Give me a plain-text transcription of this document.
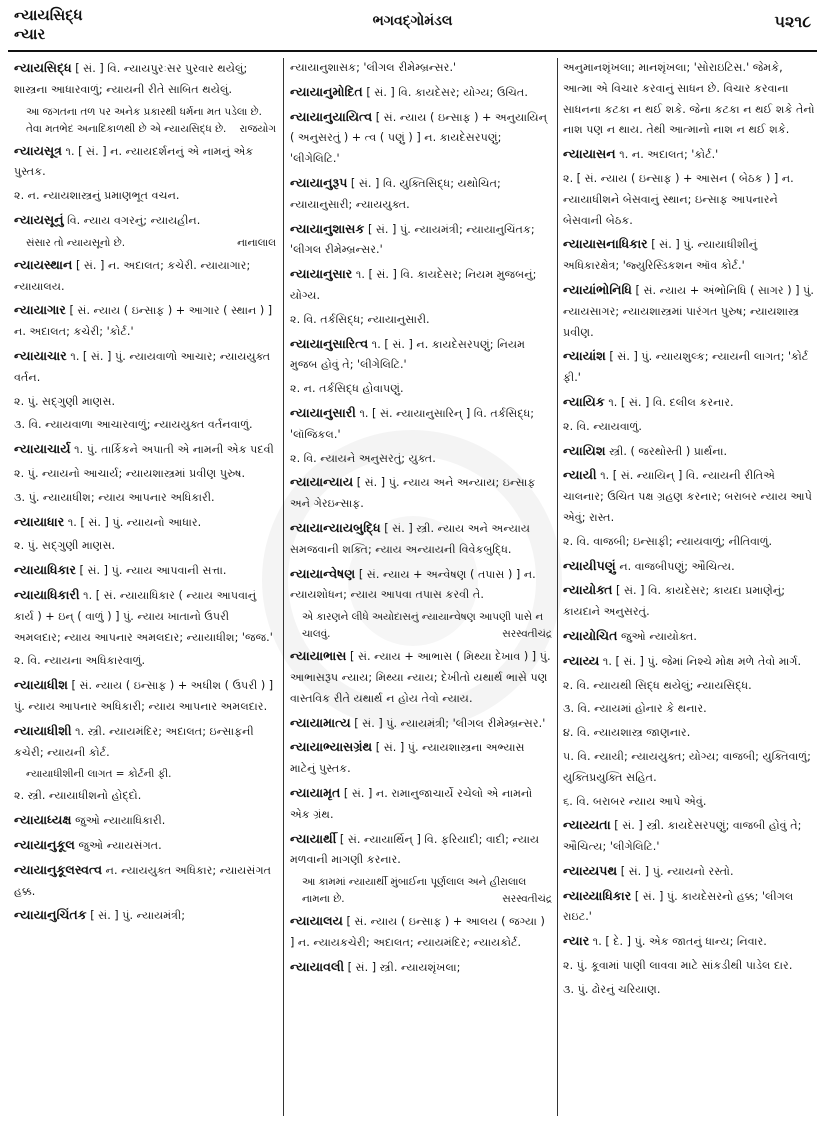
ન્યાયસિદ્ધ
ન્યાર
ભગવદ્ગોમંડલ	૫૨૧૮
ન્યાયસિદ્ધ [ સં. ] વિ. ન્યાયપુરઃસર પુરવાર થયેલું; શાસ્ત્રના આધારવાળું; ન્યાયની રીતે સાબિત થયેલું.
આ જગતના તળ પર અનેક પ્રકારથી ધર્મના મત પડેલા છે. તેવા મતભેદ અનાદિકાળથી છે એ ન્યાયસિદ્ધ છે. રાજયોગ
ન્યાયસૂત્ર ૧. [ સં. ] ન. ન્યાયદર્શનનું એ નામનું એક પુસ્તક.
૨. ન. ન્યાયશાસ્ત્રનું પ્રમાણભૂત વચન.
ન્યાયસૂનું વિ. ન્યાય વગરનું; ન્યાયહીન.
સંસાર તો ન્યાયસૂનો છે.	નાનાલાલ
ન્યાયસ્થાન [ સં. ] ન. અદાલત; કચેરી. ન્યાયાગાર; ન્યાયાલય.
ન્યાયાગાર [ સં. ન્યાય ( ઇન્સાફ ) + આગાર ( સ્થાન ) ] ન. અદાલત; કચેરી; 'કોર્ટ.'
ન્યાયાચાર ૧. [ સં. ] પું. ન્યાયવાળો આચાર; ન્યાયયુક્ત વર્તન.
૨. પું. સદ્ગુણી માણસ.
૩. વિ. ન્યાયવાળા આચારવાળું; ન્યાયયુક્ત વર્તનવાળું.
ન્યાયાચાર્ય ૧. પું. તાર્કિકને અપાતી એ નામની એક પદવી
૨. પું. ન્યાયનો આચાર્ય; ન્યાયશાસ્ત્રમાં પ્રવીણ પુરુષ.
૩. પું. ન્યાયાધીશ; ન્યાય આપનાર અધિકારી.
ન્યાયાધાર ૧. [ સં. ] પું. ન્યાયનો આધાર.
૨. પું. સદ્ગુણી માણસ.
ન્યાયાધિકાર [ સં. ] પું. ન્યાય આપવાની સત્તા.
ન્યાયાધિકારી ૧. [ સં. ન્યાયાધિકાર ( ન્યાય આપવાનું કાર્ય ) + ઇન્ ( વાળું ) ] પું. ન્યાય ખાતાનો ઉપરી અમલદાર; ન્યાય આપનાર અમલદાર; ન્યાયાધીશ; 'જજ.'
૨. વિ. ન્યાયના અધિકારવાળું.
ન્યાયાધીશ [ સં. ન્યાય ( ઇન્સાફ ) + અધીશ ( ઉપરી ) ] પું. ન્યાય આપનાર અધિકારી; ન્યાય આપનાર અમલદાર.
ન્યાયાધીશી ૧. સ્ત્રી. ન્યાયમંદિર; અદાલત; ઇન્સાફની કચેરી; ન્યાયની કોર્ટ.
ન્યાયાધીશીની લાગત = કોર્ટની ફી.
૨. સ્ત્રી. ન્યાયાધીશનો હોદ્દો.
ન્યાયાધ્યક્ષ જુઓ ન્યાયાધિકારી.
ન્યાયાનુકૂલ જુઓ ન્યાયસંગત.
ન્યાયાનુકૂલસ્વત્વ ન. ન્યાયયુક્ત અધિકાર; ન્યાયસંગત હક્ક.
ન્યાયાનુચિંતક [ સં. ] પું. ન્યાયમંત્રી;
ન્યાયાનુશાસક; 'લીગલ રીમેમ્બ્રન્સર.'
ન્યાયાનુમોદિત [ સં. ] વિ. કાયદેસર; યોગ્ય; ઉચિત.
ન્યાયાનુયાયિત્વ [ સં. ન્યાય ( ઇન્સાફ ) + અનુયાયિન્ ( અનુસરતું ) + ત્વ ( પણું ) ] ન. કાયદેસરપણું; 'લીગેલિટિ.'
ન્યાયાનુરૂપ [ સં. ] વિ. યુક્તિસિદ્ધ; યથોચિત; ન્યાયાનુસારી; ન્યાયયુક્ત.
ન્યાયાનુશાસક [ સં. ] પું. ન્યાયમંત્રી; ન્યાયાનુચિંતક; 'લીગલ રીમેમ્બ્રન્સર.'
ન્યાયાનુસાર ૧. [ સં. ] વિ. કાયદેસર; નિયમ મુજબનું; યોગ્ય.
૨. વિ. તર્કસિદ્ધ; ન્યાયાનુસારી.
ન્યાયાનુસારિત્વ ૧. [ સં. ] ન. કાયદેસરપણું; નિયમ મુજબ હોવું તે; 'લીગેલિટિ.'
૨. ન. તર્કસિદ્ધ હોવાપણું.
ન્યાયાનુસારી ૧. [ સં. ન્યાયાનુસારિન્ ] વિ. તર્કસિદ્ધ; 'લૉજિકલ.'
૨. વિ. ન્યાયને અનુસરતું; યુક્ત.
ન્યાયાન્યાય [ સં. ] પું. ન્યાય અને અન્યાય; ઇન્સાફ અને ગેરઇન્સાફ.
ન્યાયાન્યાયબુદ્ધિ [ સં. ] સ્ત્રી. ન્યાય અને અન્યાય સમજવાની શક્તિ; ન્યાય અન્યાયની વિવેકબુદ્ધિ.
ન્યાયાન્વેષણ [ સં. ન્યાય + અન્વેષણ ( તપાસ ) ] ન. ન્યાયશોધન; ન્યાય આપવા તપાસ કરવી તે.
એ કારણને લીધે અયોદાસનું ન્યાયાન્વેષણ આપણી પાસે ન ચાલવું.	સરસ્વતીચંદ્ર
ન્યાયાભાસ [ સં. ન્યાય + આભાસ ( મિથ્યા દેખાવ ) ] પું. આભાસરૂપ ન્યાય; મિથ્યા ન્યાય; દેખીતો યથાર્થ ભાસે પણ વાસ્તવિક રીતે યથાર્થ ન હોય તેવો ન્યાય.
ન્યાયામાત્ય [ સં. ] પું. ન્યાયમંત્રી; 'લીગલ રીમેમ્બ્રન્સર.'
ન્યાયાભ્યાસગ્રંથ [ સં. ] પું. ન્યાયશાસ્ત્રના અભ્યાસ માટેનું પુસ્તક.
ન્યાયામૃત [ સં. ] ન. રામાનુજાચાર્યે રચેલો એ નામનો એક ગ્રંથ.
ન્યાયાર્થી [ સં. ન્યાયાર્થિન્ ] વિ. ફરિયાદી; વાદી; ન્યાય મળવાની માગણી કરનાર.
આ કામમાં ન્યાયાર્થી મુંબાઈના પૂર્ણલાલ અને હીરાલાલ નામના છે.	સરસ્વતીચંદ્ર
ન્યાયાલય [ સં. ન્યાય ( ઇન્સાફ ) + આલય ( જગ્યા ) ] ન. ન્યાયકચેરી; અદાલત; ન્યાયમંદિર; ન્યાયકોર્ટ.
ન્યાયાવલી [ સં. ] સ્ત્રી. ન્યાયશૃંખલા;
અનુમાનશૃંખલા; માનશૃંખલા; 'સોરાઇટિસ.' જેમકે, આત્મા એ વિચાર કરવાનું સાધન છે. વિચાર કરવાના સાધનના કટકા ન થઈ શકે. જેના કટકા ન થઈ શકે તેનો નાશ પણ ન થાય. તેથી આત્માનો નાશ ન થઈ શકે.
ન્યાયાસન ૧. ન. અદાલત; 'કોર્ટ.'
૨. [ સં. ન્યાય ( ઇન્સાફ ) + આસન ( બેઠક ) ] ન. ન્યાયાધીશને બેસવાનું સ્થાન; ઇન્સાફ આપનારને બેસવાની બેઠક.
ન્યાયાસનાધિકાર [ સં. ] પું. ન્યાયાધીશીનું અધિકારક્ષેત્ર; 'જ્યુરિસ્ડિકશન ઑવ કોર્ટ.'
ન્યાયાંભોનિધિ [ સં. ન્યાય + અંભોનિધિ ( સાગર ) ] પું. ન્યાયસાગર; ન્યાયશાસ્ત્રમાં પારંગત પુરુષ; ન્યાયશાસ્ત્ર પ્રવીણ.
ન્યાયાંશ [ સં. ] પું. ન્યાયશુલ્ક; ન્યાયની લાગત; 'કોર્ટ ફી.'
ન્યાયિક ૧. [ સં. ] વિ. દલીલ કરનાર.
૨. વિ. ન્યાયવાળું.
ન્યાયિશ સ્ત્રી. ( જરથોસ્તી ) પ્રાર્થના.
ન્યાયી ૧. [ સં. ન્યાયિન્ ] વિ. ન્યાયની રીતિએ ચાલનાર; ઉચિત પક્ષ ગ્રહણ કરનાર; બરાબર ન્યાય આપે એવું; રાસ્ત.
૨. વિ. વાજબી; ઇન્સાફી; ન્યાયવાળું; નીતિવાળું.
ન્યાયીપણું ન. વાજબીપણું; ઔચિત્ય.
ન્યાયોક્ત [ સં. ] વિ. કાયદેસર; કાયદા પ્રમાણેનું; કાયદાને અનુસરતું.
ન્યાયોચિત જુઓ ન્યાયોક્ત.
ન્યાય્ય ૧. [ સં. ] પું. જેમાં નિશ્ચે મોક્ષ મળે તેવો માર્ગ.
૨. વિ. ન્યાયથી સિદ્ધ થયેલું; ન્યાયસિદ્ધ.
૩. વિ. ન્યાયમાં હોનાર કે થનાર.
૪. વિ. ન્યાયશાસ્ત્ર જાણનાર.
૫. વિ. ન્યાયી; ન્યાયયુક્ત; યોગ્ય; વાજબી; યુક્તિવાળું; યુક્તિપ્રયુક્તિ સહિત.
૬. વિ. બરાબર ન્યાય આપે એવું.
ન્યાય્યતા [ સં. ] સ્ત્રી. કાયદેસરપણું; વાજબી હોવું તે; ઔચિત્ય; 'લીગેલિટિ.'
ન્યાય્યપથ [ સં. ] પું. ન્યાયનો રસ્તો.
ન્યાય્યાધિકાર [ સં. ] પું. કાયદેસરનો હક્ક; 'લીગલ રાઇટ.'
ન્યાર ૧. [ દે. ] પું. એક જાતનું ધાન્ય; નિવાર.
૨. પું. કૂવામાં પાણી લાવવા માટે સાંકડીથી પાડેલ દાર.
૩. પું. ઢોરનું ચરિયાણ.
